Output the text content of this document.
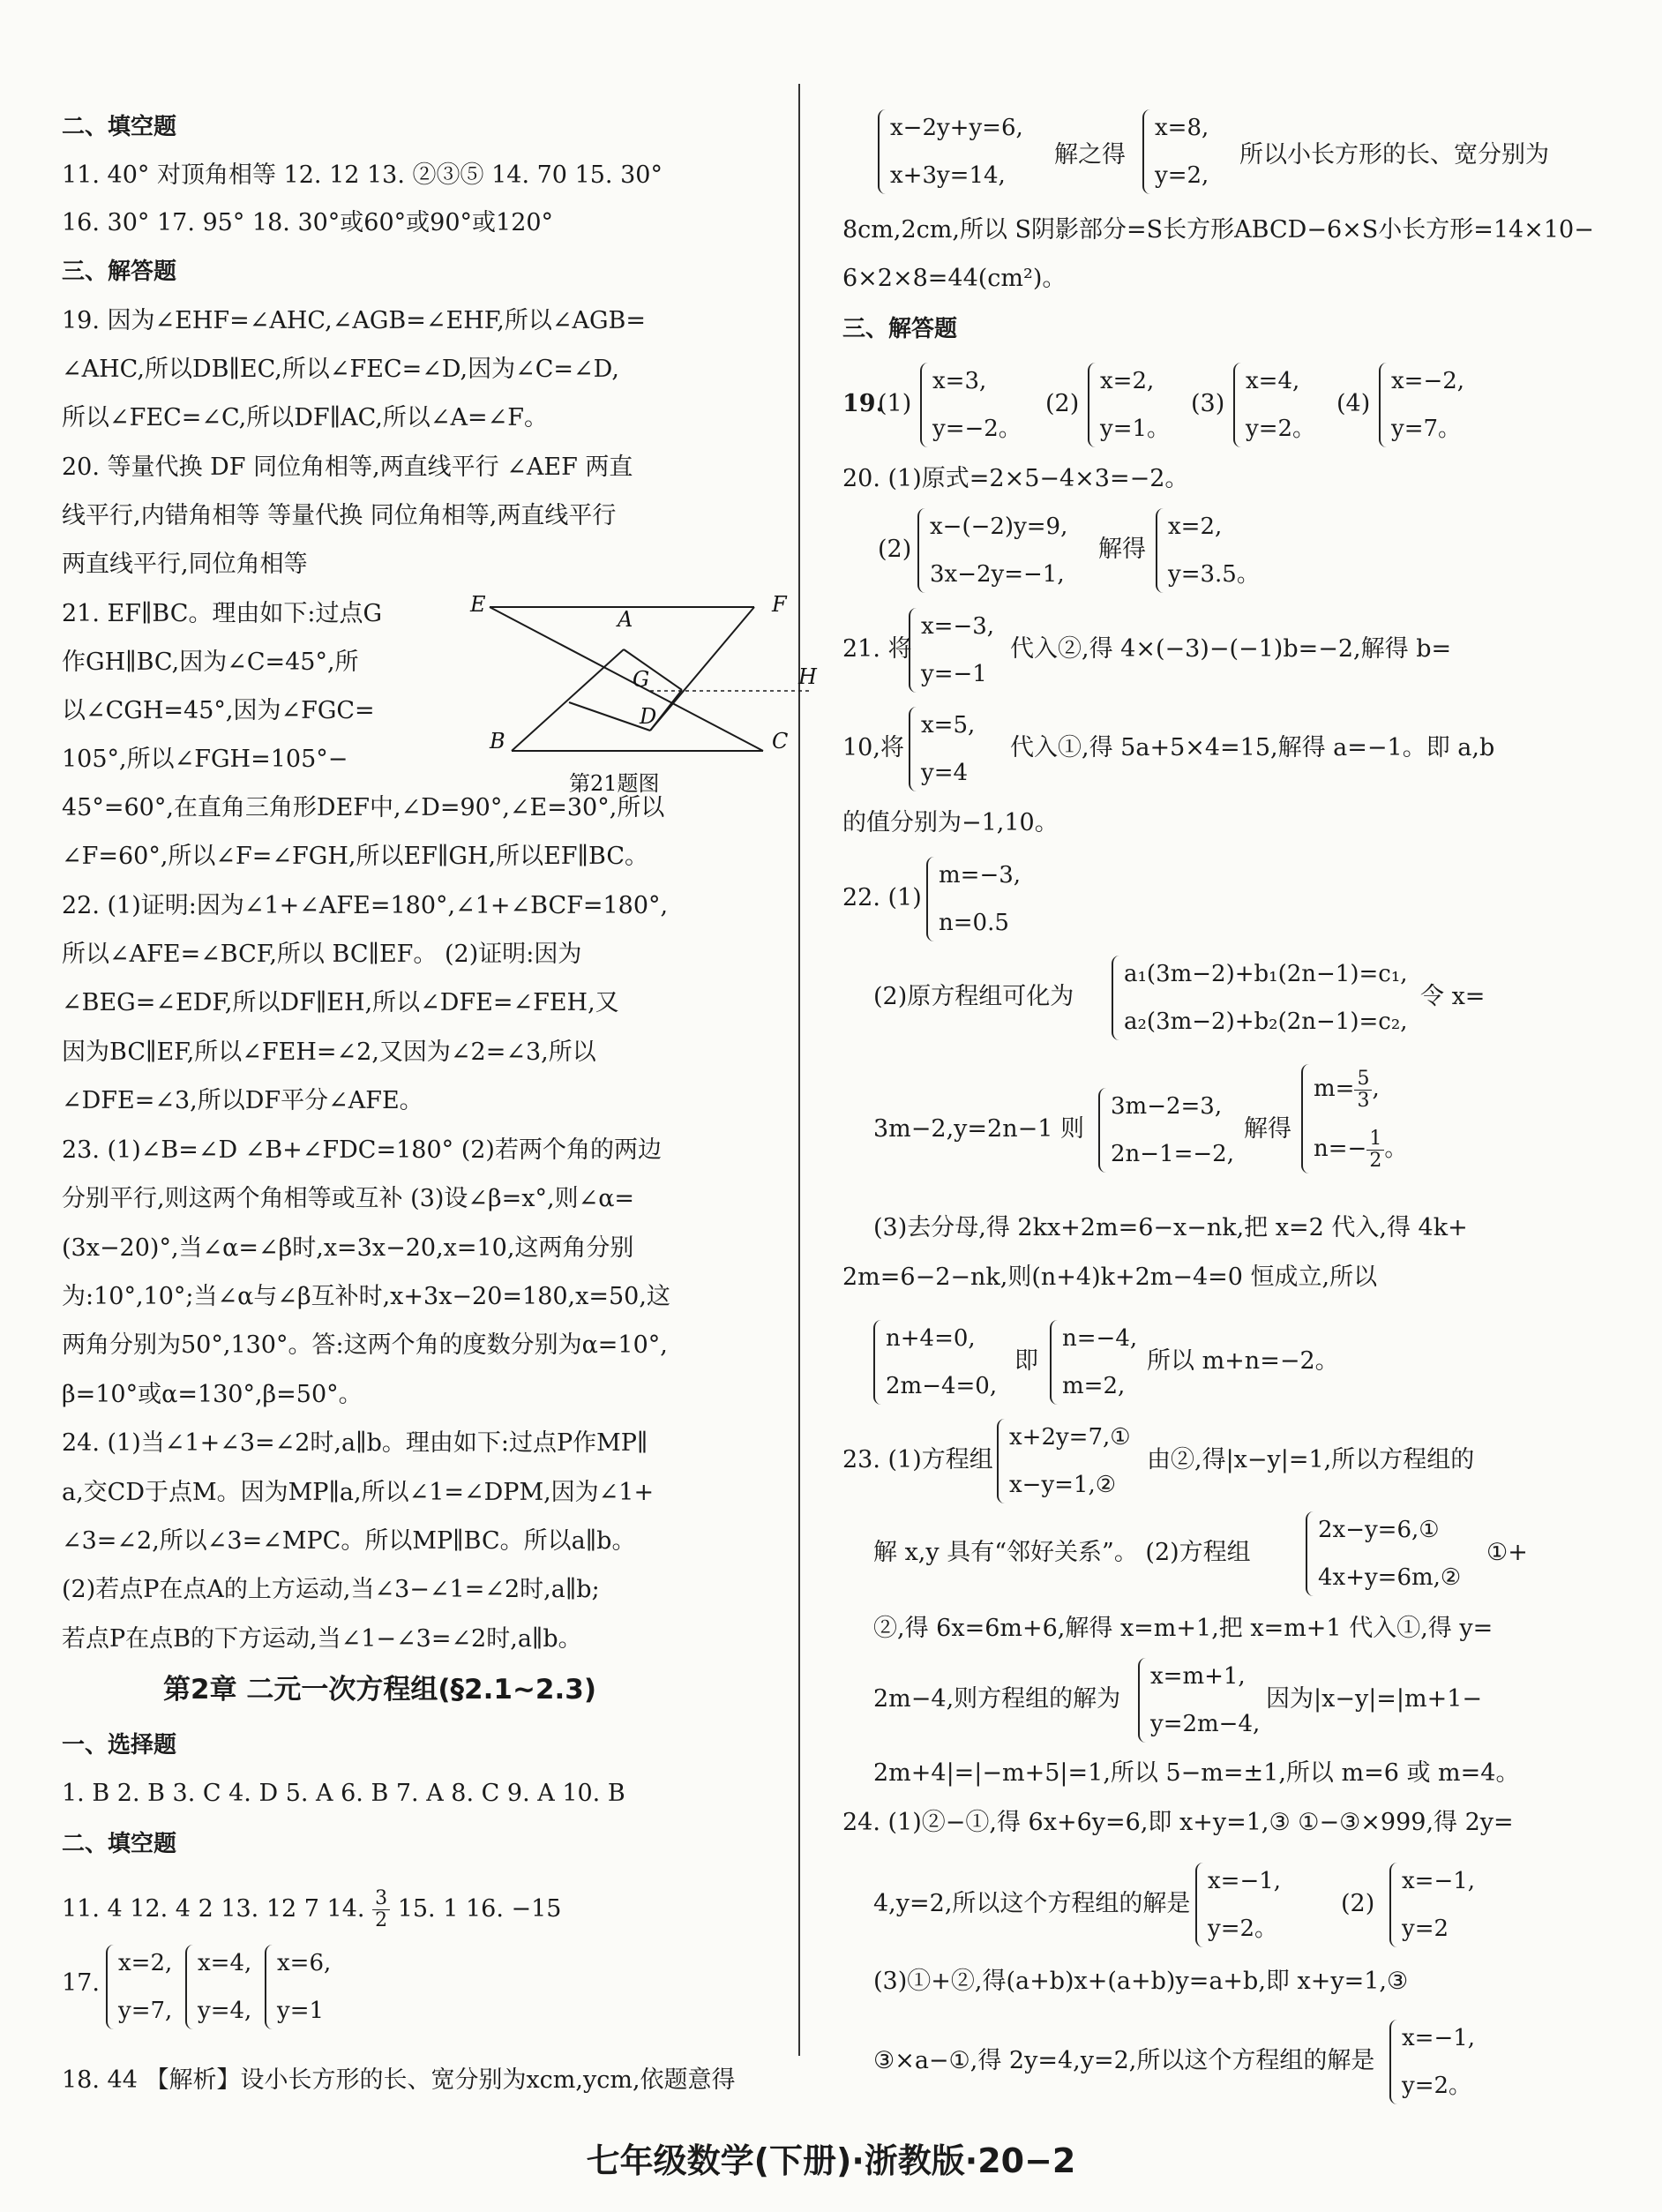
二、填空题
11. 40° 对顶角相等 12. 12 13. ②③⑤ 14. 70 15. 30°
16. 30° 17. 95° 18. 30°或60°或90°或120°
三、解答题
19. 因为∠EHF=∠AHC,∠AGB=∠EHF,所以∠AGB=
∠AHC,所以DB∥EC,所以∠FEC=∠D,因为∠C=∠D,
所以∠FEC=∠C,所以DF∥AC,所以∠A=∠F。
20. 等量代换 DF 同位角相等,两直线平行 ∠AEF 两直
线平行,内错角相等 等量代换 同位角相等,两直线平行
两直线平行,同位角相等
21. EF∥BC。理由如下:过点G
作GH∥BC,因为∠C=45°,所
以∠CGH=45°,因为∠FGC=
105°,所以∠FGH=105°−
45°=60°,在直角三角形DEF中,∠D=90°,∠E=30°,所以
∠F=60°,所以∠F=∠FGH,所以EF∥GH,所以EF∥BC。
E
A
F
G	H
B
D
C
第21题图
22. (1)证明:因为∠1+∠AFE=180°,∠1+∠BCF=180°,
所以∠AFE=∠BCF,所以 BC∥EF。 (2)证明:因为
∠BEG=∠EDF,所以DF∥EH,所以∠DFE=∠FEH,又
因为BC∥EF,所以∠FEH=∠2,又因为∠2=∠3,所以
∠DFE=∠3,所以DF平分∠AFE。
23. (1)∠B=∠D ∠B+∠FDC=180° (2)若两个角的两边
分别平行,则这两个角相等或互补 (3)设∠β=x°,则∠α=
(3x−20)°,当∠α=∠β时,x=3x−20,x=10,这两角分别
为:10°,10°;当∠α与∠β互补时,x+3x−20=180,x=50,这
两角分别为50°,130°。答:这两个角的度数分别为α=10°,
β=10°或α=130°,β=50°。
24. (1)当∠1+∠3=∠2时,a∥b。理由如下:过点P作MP∥
a,交CD于点M。因为MP∥a,所以∠1=∠DPM,因为∠1+
∠3=∠2,所以∠3=∠MPC。所以MP∥BC。所以a∥b。
(2)若点P在点A的上方运动,当∠3−∠1=∠2时,a∥b;
若点P在点B的下方运动,当∠1−∠3=∠2时,a∥b。
第2章 二元一次方程组(§2.1~2.3)
一、选择题
1. B 2. B 3. C 4. D 5. A 6. B 7. A 8. C 9. A 10. B
二、填空题
11. 4 12. 4 2 13. 12 7 14. $\frac{3}{2} 15$. 1 16. −15
17.
x=2,
y=7,
x=4,
y=4,
x=6,
y=1
18. 44 【解析】设小长方形的长、宽分别为xcm,ycm,依题意得
x−2y+y=6,
x+3y=14,
解之得
x=8,
y=2,
所以小长方形的长、宽分别为
8cm,2cm,所以 S阴影部分=S长方形ABCD−6×S小长方形=14×10−
6×2×8=44(cm²)。
三、解答题
19.
(1)
x=3,
y=−2。
(2)
x=2,
y=1。
(3)
x=4,
y=2。
(4)
x=−2,
y=7。
20. (1)原式=2×5−4×3=−2。
(2)
x−(−2)y=9,
3x−2y=−1,
解得
x=2,
y=3.5。
21. 将
x=−3,
y=−1
代入②,得 4×(−3)−(−1)b=−2,解得 b=
10,将
x=5,
y=4
代入①,得 5a+5×4=15,解得 a=−1。即 a,b
的值分别为−1,10。
22. (1)
m=−3,
n=0.5
(2)原方程组可化为
a₁(3m−2)+b₁(2n−1)=c₁,
a₂(3m−2)+b₂(2n−1)=c₂,
令 x=
3m−2,y=2n−1 则
3m−2=3,
2n−1=−2,
解得
$m= \frac{5}{3}$ ,
$n=- \frac{1}{2}$ 。
(3)去分母,得 2kx+2m=6−x−nk,把 x=2 代入,得 4k+
2m=6−2−nk,则(n+4)k+2m−4=0 恒成立,所以
n+4=0,
2m−4=0,
即
n=−4,
m=2,
所以 m+n=−2。
23. (1)方程组
x+2y=7,①
x−y=1,②
由②,得|x−y|=1,所以方程组的
解 x,y 具有“邻好关系”。 (2)方程组
2x−y=6,①
4x+y=6m,②
①+
②,得 6x=6m+6,解得 x=m+1,把 x=m+1 代入①,得 y=
2m−4,则方程组的解为
x=m+1,
y=2m−4,
因为|x−y|=|m+1−
2m+4|=|−m+5|=1,所以 5−m=±1,所以 m=6 或 m=4。
24. (1)②−①,得 6x+6y=6,即 x+y=1,③ ①−③×999,得 2y=
4,y=2,所以这个方程组的解是
x=−1,
y=2。
(2)
x=−1,
y=2
(3)①+②,得(a+b)x+(a+b)y=a+b,即 x+y=1,③
③×a−①,得 2y=4,y=2,所以这个方程组的解是
x=−1,
y=2。
七年级数学(下册)·浙教版·20−2
